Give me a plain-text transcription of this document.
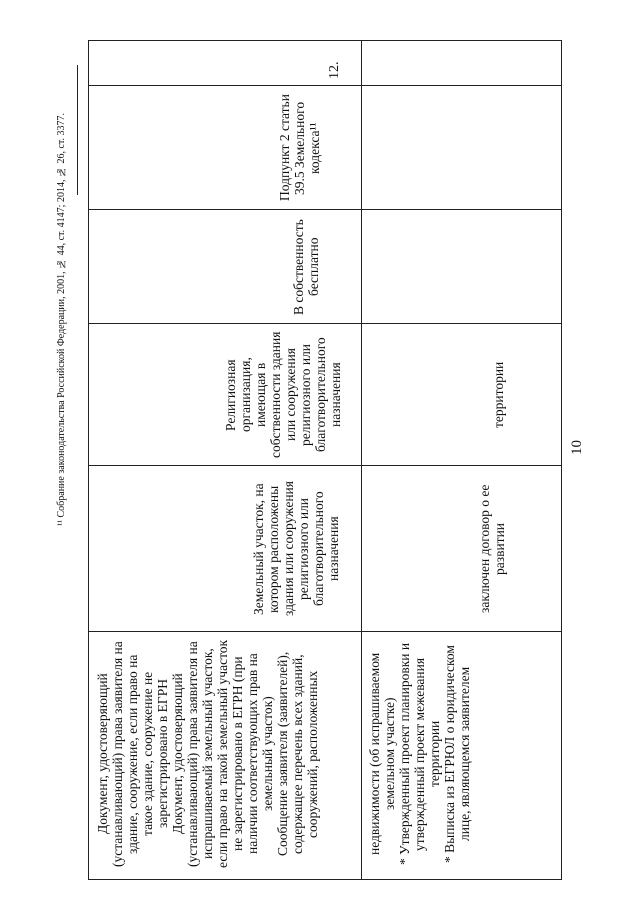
10
¹¹ Собрание законодательства Российской Федерации, 2001, № 44, ст. 4147; 2014, № 26, ст. 3377.	территории
заключен договор о ее развитии
недвижимости (об испрашиваемом земельном участке) * Утвержденный проект планировки и утвержденный проект межевания территории * Выписка из ЕГРЮЛ о юридическом лице, являющемся заявителем
12.
Подпункт 2 статьи 39.5 Земельного кодекса¹¹
В собственность бесплатно
Религиозная организация, имеющая в собственности здания или сооружения религиозного или благотворительного назначения
Земельный участок, на котором расположены здания или сооружения религиозного или благотворительного назначения
Документ, удостоверяющий (устанавливающий) права заявителя на здание, сооружение, если право на такое здание, сооружение не зарегистрировано в ЕГРН Документ, удостоверяющий (устанавливающий) права заявителя на испрашиваемый земельный участок, если право на такой земельный участок не зарегистрировано в ЕГРН (при наличии соответствующих прав на земельный участок) Сообщение заявителя (заявителей), содержащее перечень всех зданий, сооружений, расположенных
